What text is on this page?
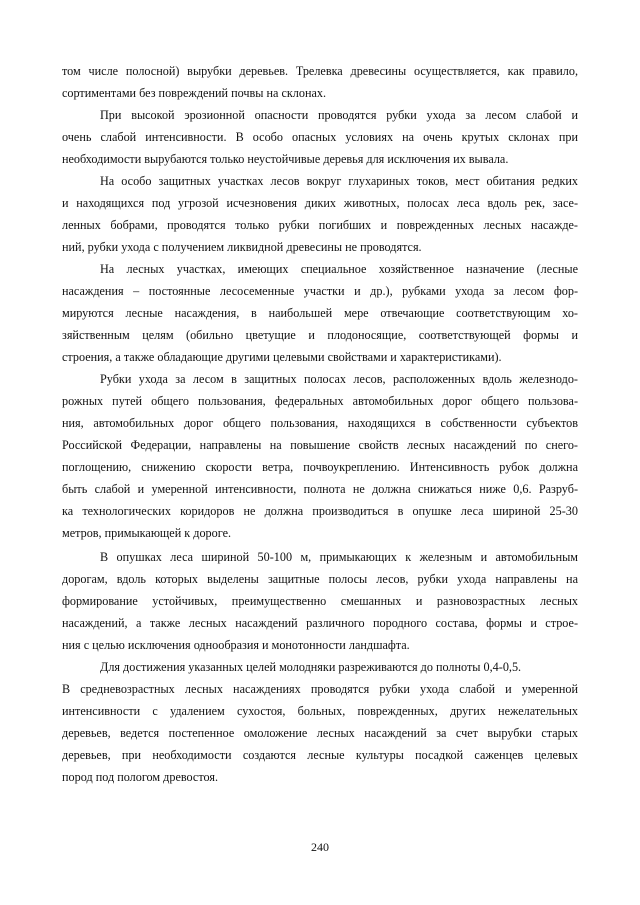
том числе полосной) вырубки деревьев. Трелевка древесины осуществляется, как правило,
сортиментами без повреждений почвы на склонах.
При высокой эрозионной опасности проводятся рубки ухода за лесом слабой и
очень слабой интенсивности. В особо опасных условиях на очень крутых склонах при
необходимости вырубаются только неустойчивые деревья для исключения их вывала.
На особо защитных участках лесов вокруг глухариных токов, мест обитания редких
и находящихся под угрозой исчезновения диких животных, полосах леса вдоль рек, засе-
ленных бобрами, проводятся только рубки погибших и поврежденных лесных насажде-
ний, рубки ухода с получением ликвидной древесины не проводятся.
На лесных участках, имеющих специальное хозяйственное назначение (лесные
насаждения – постоянные лесосеменные участки и др.), рубками ухода за лесом фор-
мируются лесные насаждения, в наибольшей мере отвечающие соответствующим хо-
зяйственным целям (обильно цветущие и плодоносящие, соответствующей формы и
строения, а также обладающие другими целевыми свойствами и характеристиками).
Рубки ухода за лесом в защитных полосах лесов, расположенных вдоль железнодо-
рожных путей общего пользования, федеральных автомобильных дорог общего пользова-
ния, автомобильных дорог общего пользования, находящихся в собственности субъектов
Российской Федерации, направлены на повышение свойств лесных насаждений по снего-
поглощению, снижению скорости ветра, почвоукреплению. Интенсивность рубок должна
быть слабой и умеренной интенсивности, полнота не должна снижаться ниже 0,6. Разруб-
ка технологических коридоров не должна производиться в опушке леса шириной 25-30
метров, примыкающей к дороге.
В опушках леса шириной 50-100 м, примыкающих к железным и автомобильным
дорогам, вдоль которых выделены защитные полосы лесов, рубки ухода направлены на
формирование устойчивых, преимущественно смешанных и разновозрастных лесных
насаждений, а также лесных насаждений различного породного состава, формы и строе-
ния с целью исключения однообразия и монотонности ландшафта.
Для достижения указанных целей молодняки разреживаются до полноты 0,4-0,5.
В средневозрастных лесных насаждениях проводятся рубки ухода слабой и умеренной
интенсивности с удалением сухостоя, больных, поврежденных, других нежелательных
деревьев, ведется постепенное омоложение лесных насаждений за счет вырубки старых
деревьев, при необходимости создаются лесные культуры посадкой саженцев целевых
пород под пологом древостоя.
240
